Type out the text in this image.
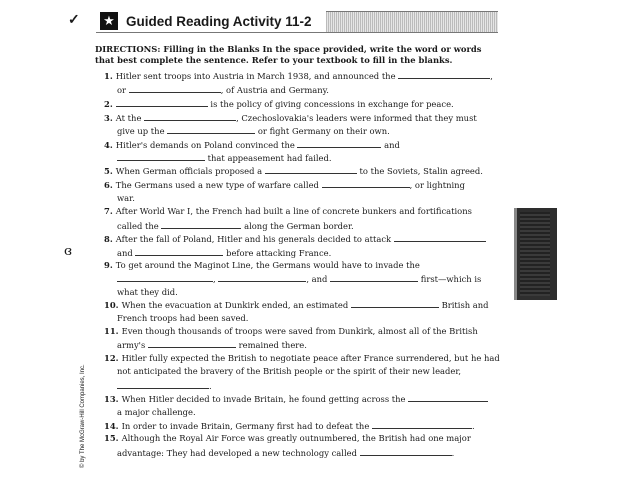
✓
ɞ
★ Guided Reading Activity 11-2
DIRECTIONS: Filling in the Blanks In the space provided, write the word or words that best complete the sentence. Refer to your textbook to fill in the blanks.
1. Hitler sent troops into Austria in March 1938, and announced the	,
or	, of Austria and Germany.
2.	is the policy of giving concessions in exchange for peace.
3. At the	, Czechoslovakia's leaders were informed that they must
give up the	or fight Germany on their own.
4. Hitler's demands on Poland convinced the	and
that appeasement had failed.
5. When German officials proposed a	to the Soviets, Stalin agreed.
6. The Germans used a new type of warfare called	, or lightning
war.
7. After World War I, the French had built a line of concrete bunkers and fortifications
called the	along the German border.
8. After the fall of Poland, Hitler and his generals decided to attack
and	before attacking France.
9. To get around the Maginot Line, the Germans would have to invade the
,	, and	first—which is
what they did.
10. When the evacuation at Dunkirk ended, an estimated	British and
French troops had been saved.
11. Even though thousands of troops were saved from Dunkirk, almost all of the British
army's	remained there.
12. Hitler fully expected the British to negotiate peace after France surrendered, but he had
not anticipated the bravery of the British people or the spirit of their new leader,
.
13. When Hitler decided to invade Britain, he found getting across the
a major challenge.
14. In order to invade Britain, Germany first had to defeat the	.
15. Although the Royal Air Force was greatly outnumbered, the British had one major
advantage: They had developed a new technology called	.
© by The McGraw-Hill Companies, Inc.
